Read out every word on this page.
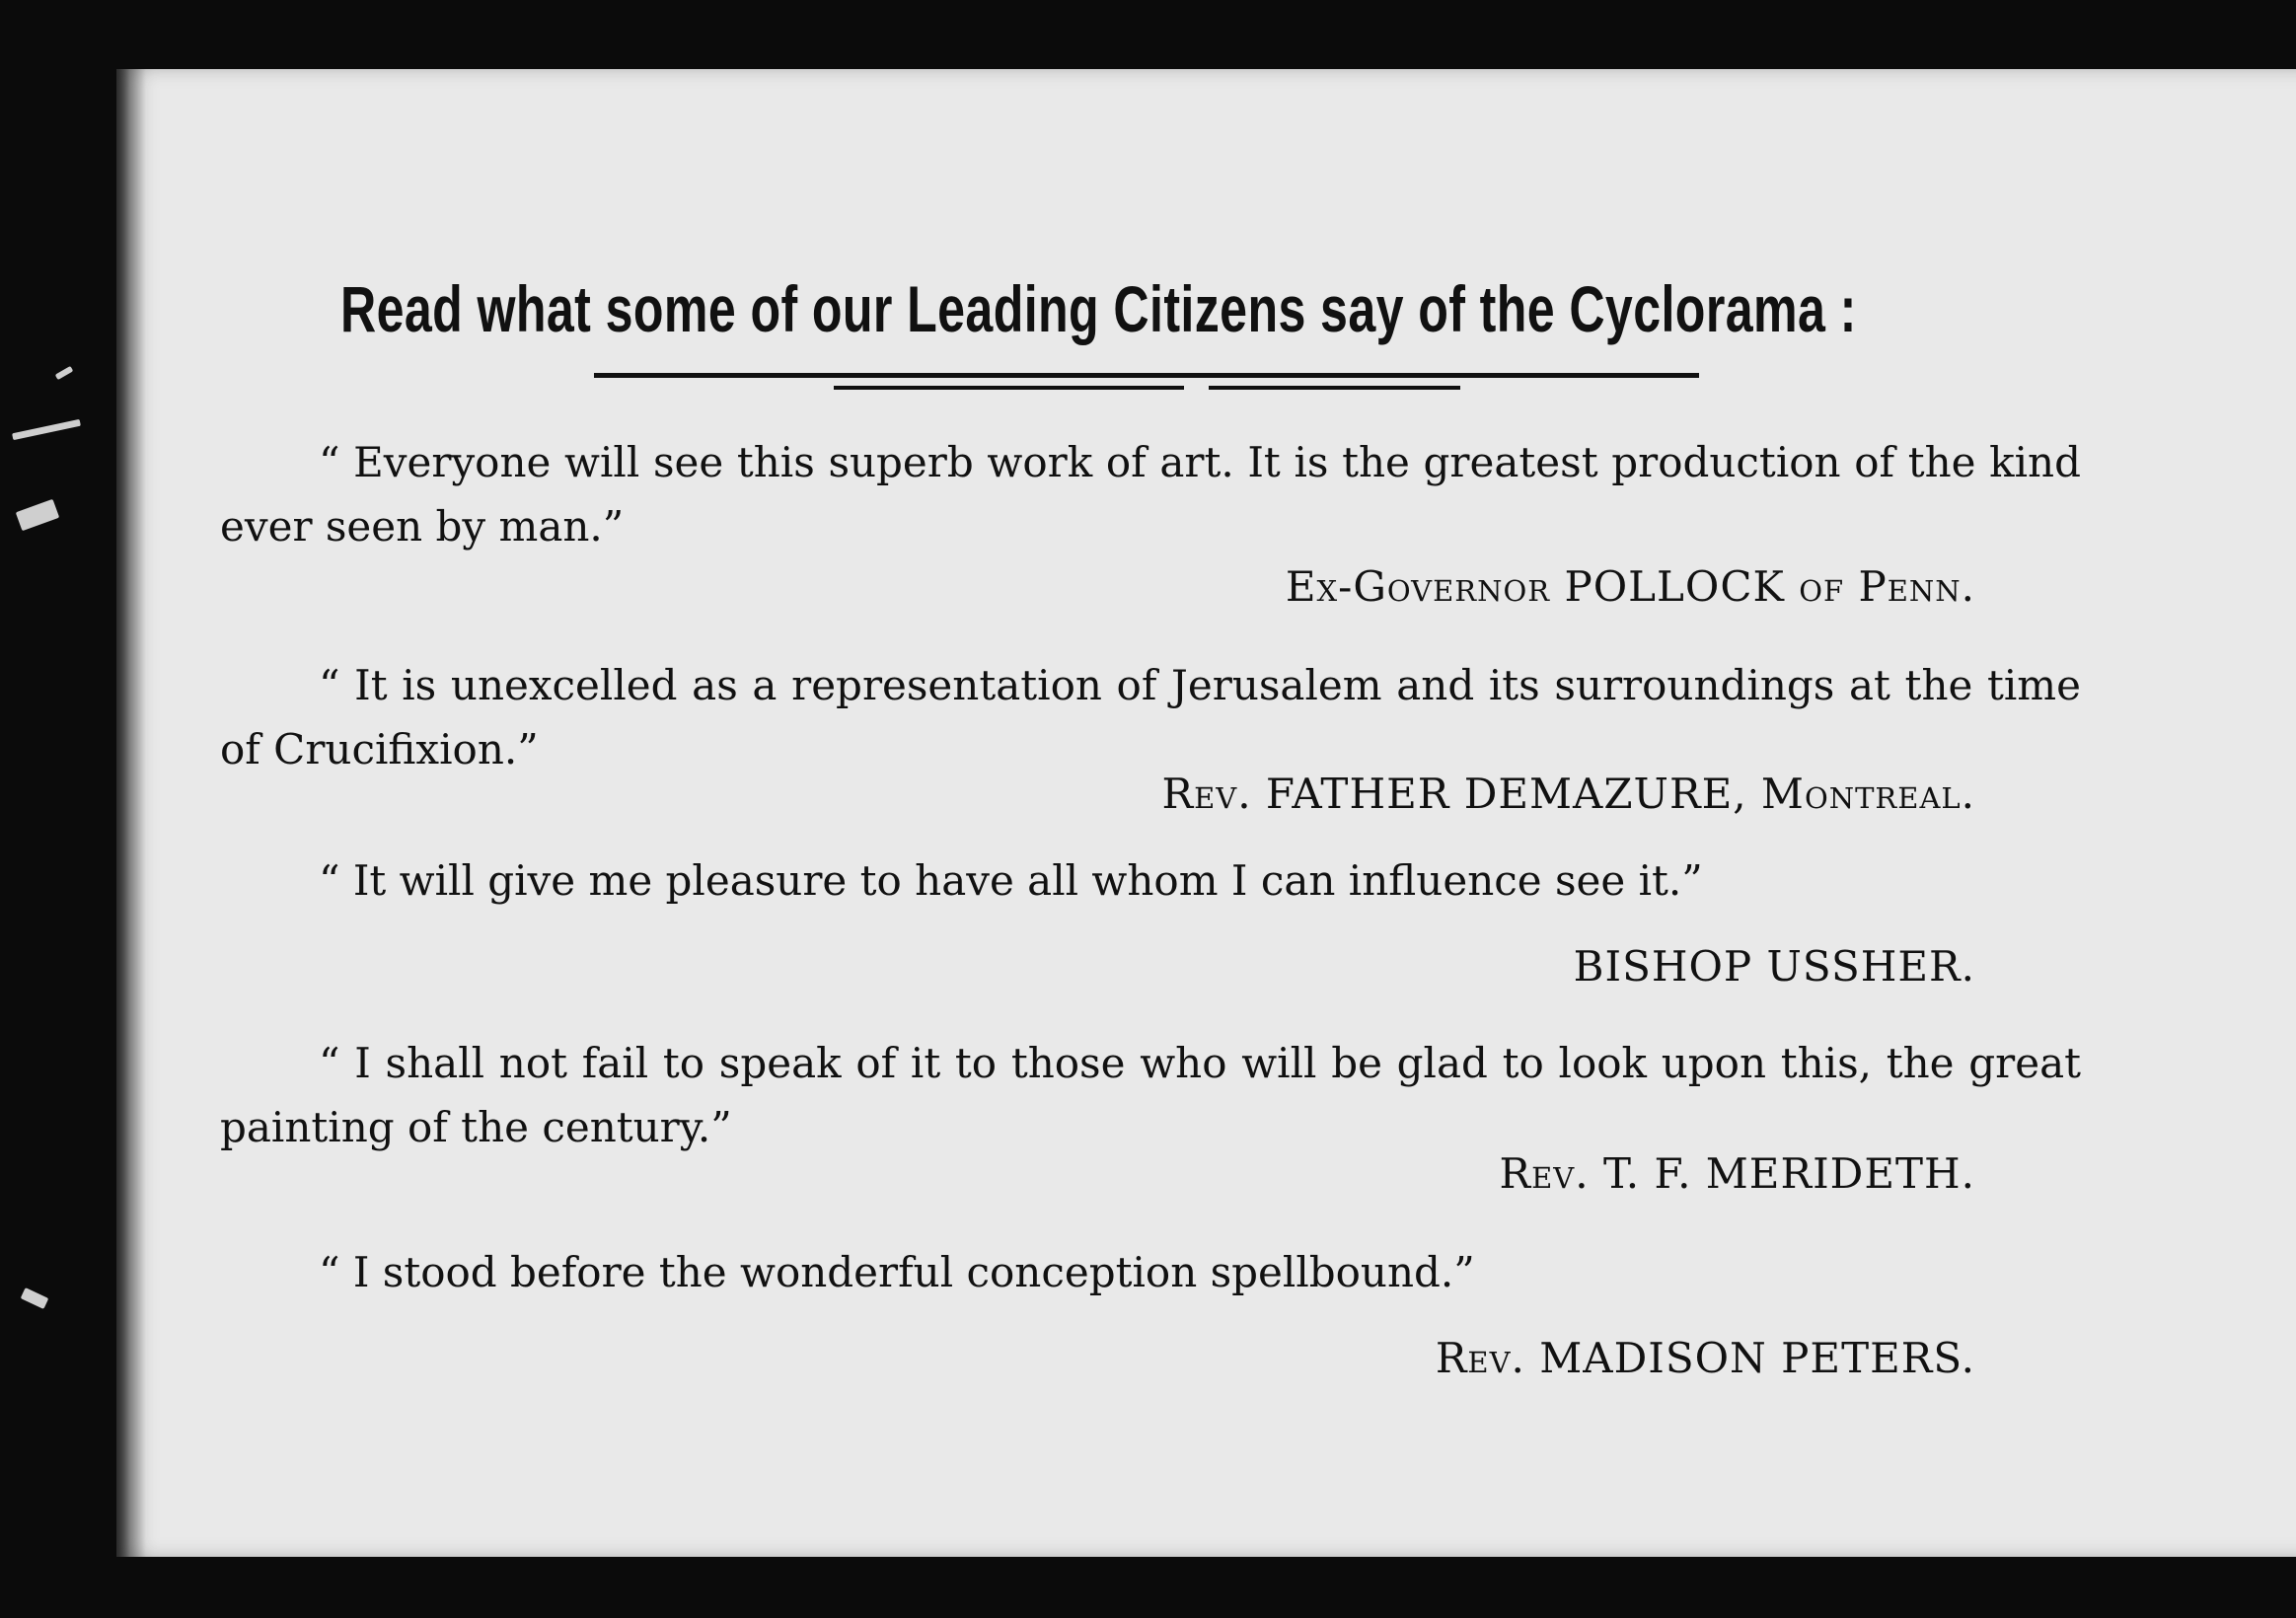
Read what some of our Leading Citizens say of the Cyclorama :

“ Everyone will see this superb work of art. It is the greatest production of the kind ever seen by man.”

Ex-Governor POLLOCK of Penn.

“ It is unexcelled as a representation of Jerusalem and its surroundings at the time of Crucifixion.”

Rev. FATHER DEMAZURE, Montreal.

“ It will give me pleasure to have all whom I can influence see it.”

BISHOP USSHER.

“ I shall not fail to speak of it to those who will be glad to look upon this, the great painting of the century.”

Rev. T. F. MERIDETH.

“ I stood before the wonderful conception spellbound.”

Rev. MADISON PETERS.
